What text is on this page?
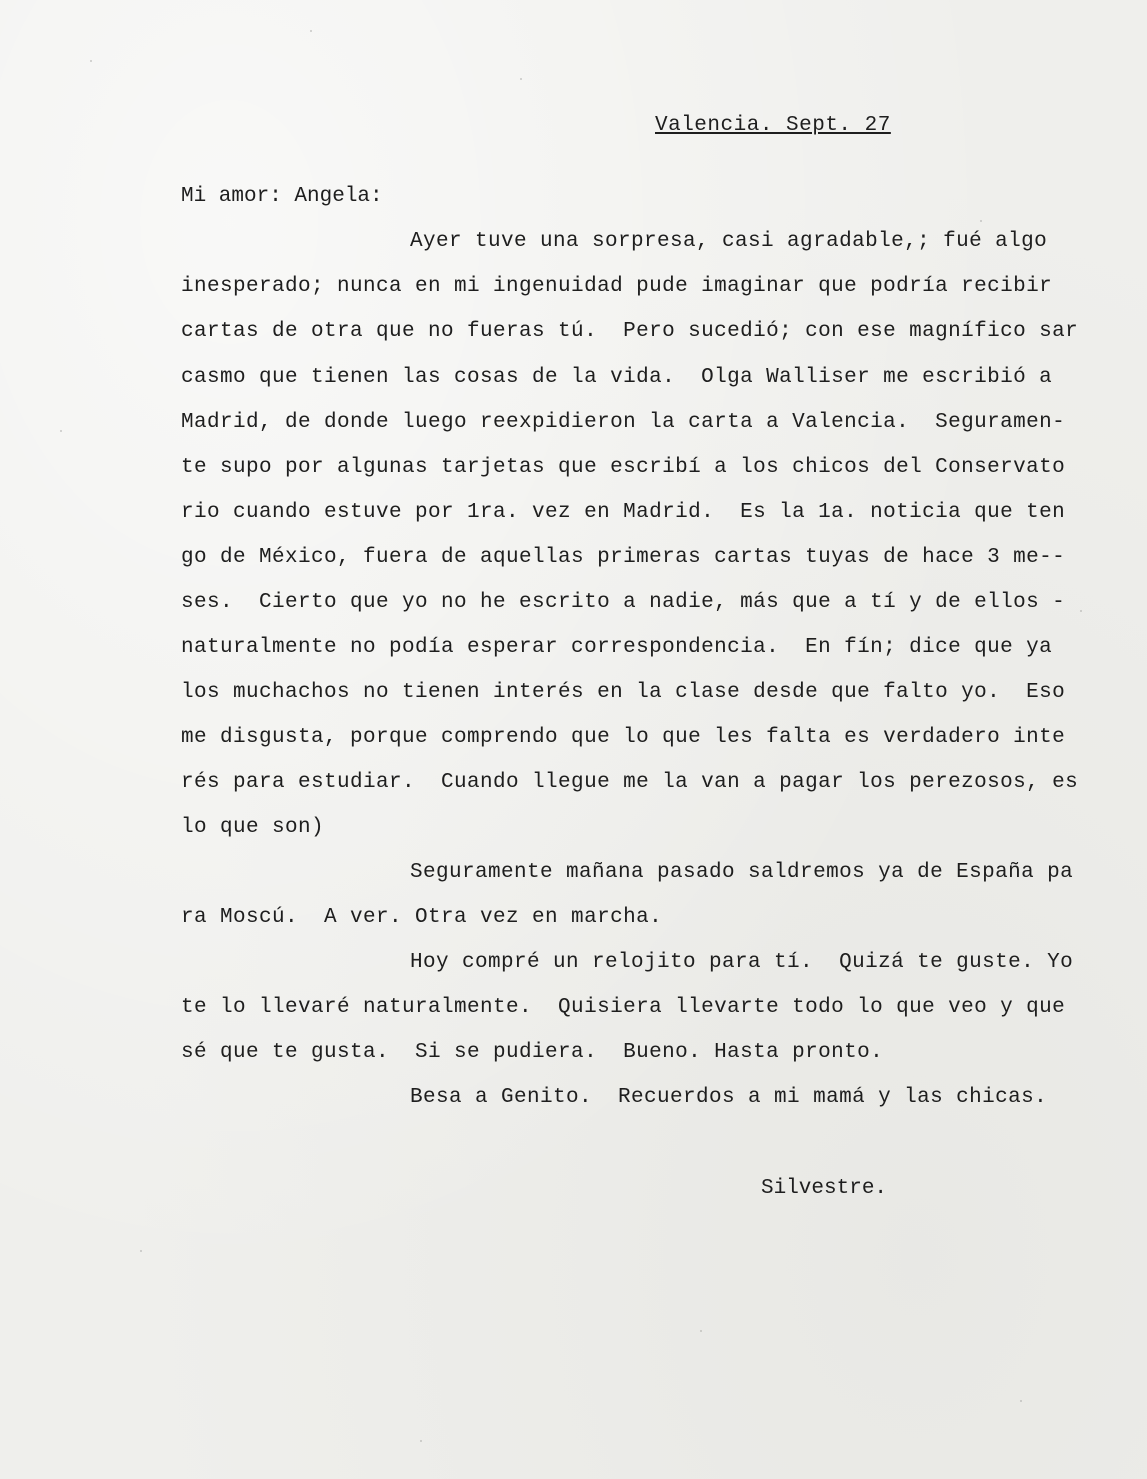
Valencia. Sept. 27
Mi amor: Angela:
Ayer tuve una sorpresa, casi agradable,; fué algo
inesperado; nunca en mi ingenuidad pude imaginar que podría recibir
cartas de otra que no fueras tú.  Pero sucedió; con ese magnífico sar
casmo que tienen las cosas de la vida.  Olga Walliser me escribió a
Madrid, de donde luego reexpidieron la carta a Valencia.  Seguramen-
te supo por algunas tarjetas que escribí a los chicos del Conservato
rio cuando estuve por 1ra. vez en Madrid.  Es la 1a. noticia que ten
go de México, fuera de aquellas primeras cartas tuyas de hace 3 me--
ses.  Cierto que yo no he escrito a nadie, más que a tí y de ellos -
naturalmente no podía esperar correspondencia.  En fín; dice que ya
los muchachos no tienen interés en la clase desde que falto yo.  Eso
me disgusta, porque comprendo que lo que les falta es verdadero inte
rés para estudiar.  Cuando llegue me la van a pagar los perezosos, es
lo que son)
Seguramente mañana pasado saldremos ya de España pa
ra Moscú.  A ver. Otra vez en marcha.
Hoy compré un relojito para tí.  Quizá te guste. Yo
te lo llevaré naturalmente.  Quisiera llevarte todo lo que veo y que
sé que te gusta.  Si se pudiera.  Bueno. Hasta pronto.
Besa a Genito.  Recuerdos a mi mamá y las chicas.
Silvestre.
